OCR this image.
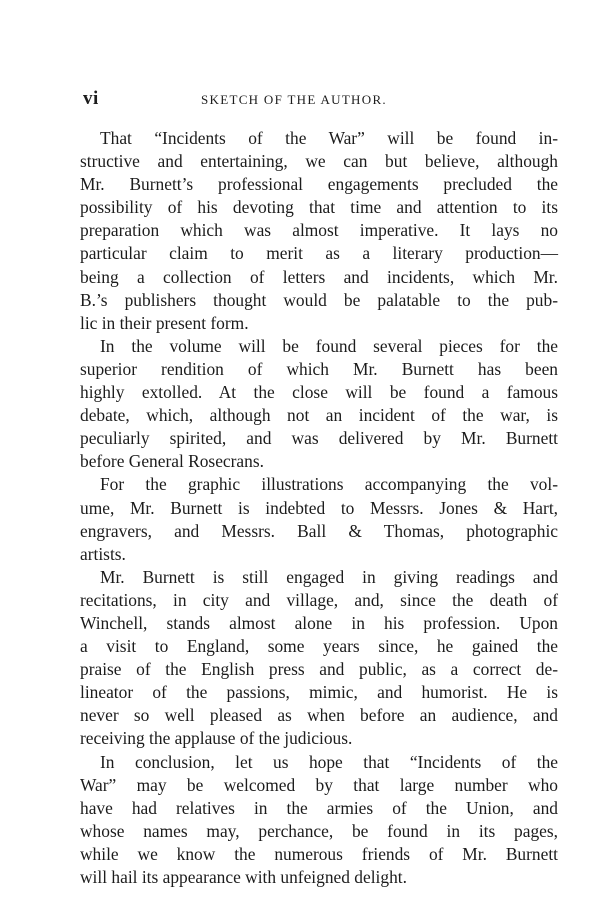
vi	SKETCH OF THE AUTHOR.
That “Incidents of the War” will be found in-
structive and entertaining, we can but believe, although
Mr. Burnett’s professional engagements precluded the
possibility of his devoting that time and attention to its
preparation which was almost imperative. It lays no
particular claim to merit as a literary production—
being a collection of letters and incidents, which Mr.
B.’s publishers thought would be palatable to the pub-
lic in their present form.
In the volume will be found several pieces for the
superior rendition of which Mr. Burnett has been
highly extolled. At the close will be found a famous
debate, which, although not an incident of the war, is
peculiarly spirited, and was delivered by Mr. Burnett
before General Rosecrans.
For the graphic illustrations accompanying the vol-
ume, Mr. Burnett is indebted to Messrs. Jones & Hart,
engravers, and Messrs. Ball & Thomas, photographic
artists.
Mr. Burnett is still engaged in giving readings and
recitations, in city and village, and, since the death of
Winchell, stands almost alone in his profession. Upon
a visit to England, some years since, he gained the
praise of the English press and public, as a correct de-
lineator of the passions, mimic, and humorist. He is
never so well pleased as when before an audience, and
receiving the applause of the judicious.
In conclusion, let us hope that “Incidents of the
War” may be welcomed by that large number who
have had relatives in the armies of the Union, and
whose names may, perchance, be found in its pages,
while we know the numerous friends of Mr. Burnett
will hail its appearance with unfeigned delight.
